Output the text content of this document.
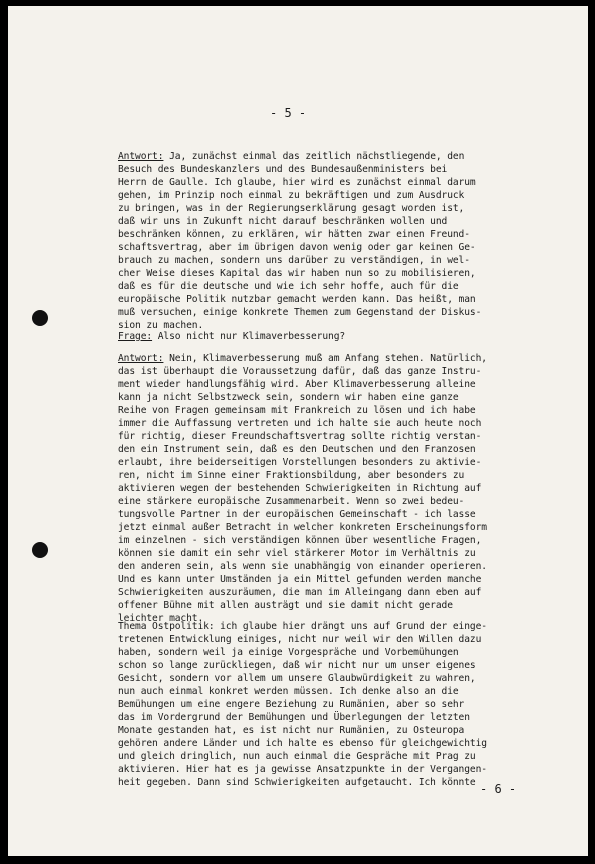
- 5 -
Antwort: Ja, zunächst einmal das zeitlich nächstliegende, den
Besuch des Bundeskanzlers und des Bundesaußenministers bei
Herrn de Gaulle. Ich glaube, hier wird es zunächst einmal darum
gehen, im Prinzip noch einmal zu bekräftigen und zum Ausdruck
zu bringen, was in der Regierungserklärung gesagt worden ist,
daß wir uns in Zukunft nicht darauf beschränken wollen und
beschränken können, zu erklären, wir hätten zwar einen Freund-
schaftsvertrag, aber im übrigen davon wenig oder gar keinen Ge-
brauch zu machen, sondern uns darüber zu verständigen, in wel-
cher Weise dieses Kapital das wir haben nun so zu mobilisieren,
daß es für die deutsche und wie ich sehr hoffe, auch für die
europäische Politik nutzbar gemacht werden kann. Das heißt, man
muß versuchen, einige konkrete Themen zum Gegenstand der Diskus-
sion zu machen.
Frage: Also nicht nur Klimaverbesserung?
Antwort: Nein, Klimaverbesserung muß am Anfang stehen. Natürlich,
das ist überhaupt die Voraussetzung dafür, daß das ganze Instru-
ment wieder handlungsfähig wird. Aber Klimaverbesserung alleine
kann ja nicht Selbstzweck sein, sondern wir haben eine ganze
Reihe von Fragen gemeinsam mit Frankreich zu lösen und ich habe
immer die Auffassung vertreten und ich halte sie auch heute noch
für richtig, dieser Freundschaftsvertrag sollte richtig verstan-
den ein Instrument sein, daß es den Deutschen und den Franzosen
erlaubt, ihre beiderseitigen Vorstellungen besonders zu aktivie-
ren, nicht im Sinne einer Fraktionsbildung, aber besonders zu
aktivieren wegen der bestehenden Schwierigkeiten in Richtung auf
eine stärkere europäische Zusammenarbeit. Wenn so zwei bedeu-
tungsvolle Partner in der europäischen Gemeinschaft - ich lasse
jetzt einmal außer Betracht in welcher konkreten Erscheinungsform
im einzelnen - sich verständigen können über wesentliche Fragen,
können sie damit ein sehr viel stärkerer Motor im Verhältnis zu
den anderen sein, als wenn sie unabhängig von einander operieren.
Und es kann unter Umständen ja ein Mittel gefunden werden manche
Schwierigkeiten auszuräumen, die man im Alleingang dann eben auf
offener Bühne mit allen austrägt und sie damit nicht gerade
leichter macht.
Thema Ostpolitik: ich glaube hier drängt uns auf Grund der einge-
tretenen Entwicklung einiges, nicht nur weil wir den Willen dazu
haben, sondern weil ja einige Vorgespräche und Vorbemühungen
schon so lange zurückliegen, daß wir nicht nur um unser eigenes
Gesicht, sondern vor allem um unsere Glaubwürdigkeit zu wahren,
nun auch einmal konkret werden müssen. Ich denke also an die
Bemühungen um eine engere Beziehung zu Rumänien, aber so sehr
das im Vordergrund der Bemühungen und Überlegungen der letzten
Monate gestanden hat, es ist nicht nur Rumänien, zu Osteuropa
gehören andere Länder und ich halte es ebenso für gleichgewichtig
und gleich dringlich, nun auch einmal die Gespräche mit Prag zu
aktivieren. Hier hat es ja gewisse Ansatzpunkte in der Vergangen-
heit gegeben. Dann sind Schwierigkeiten aufgetaucht. Ich könnte - 6 -
